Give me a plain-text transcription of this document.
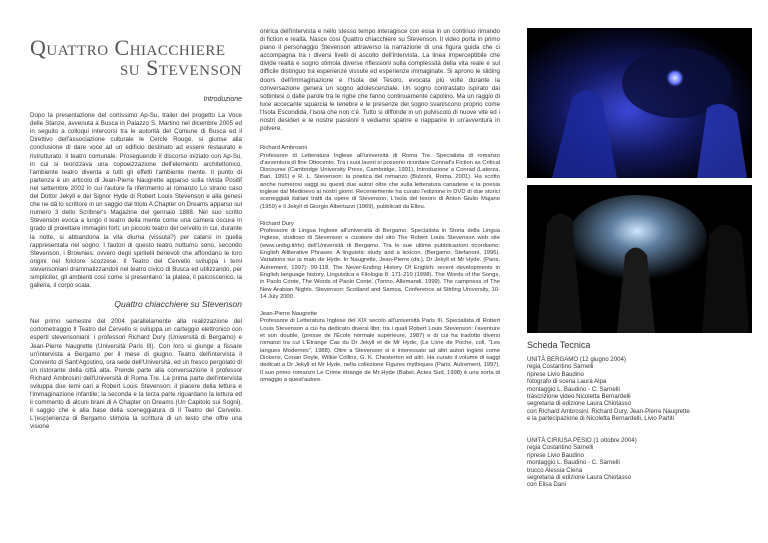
Quattro Chiacchiere
su Stevenson
Introduzione

Dopo la presentazione del cortissimo Ap-Su, trailer del progetto La Voce delle Stanze, avvenuta a Busca in Palazzo S. Martino nel dicembre 2005 ed in seguito a colloqui intercorsi tra le autorità del Comune di Busca ed il Direttivo dell'associazione culturale le Cercle Rouge, si giunse alla conclusione di dare voce ad un edificio destinato ad essere restaurato e ristrutturato: il teatro comunale. Proseguendo il discorso iniziato con Ap-Su, in cui si teorizzava una copoeizzazione dell'elemento architettonico, l'ambiente teatro diventa a tutti gli effetti l'ambiente mente. Il punto di partenza è un articolo di Jean-Pierre Naugrette apparso sulla rivista Positif nel settembre 2002 in cui l'autore fa riferimento al romanzo Lo strano caso del Dottor Jekyll e del Signor Hyde di Robert Louis Stevenson e alla genesi che ne dà lo scrittore in un saggio dal titolo A Chapter on Dreams apparso sul numero 3 dello Scribner's Magazine del gennaio 1888. Nel suo scritto Stevenson evoca a lungo il teatro della mente come una camera oscura in grado di proiettare immagini forti; un piccolo teatro del cervello in cui, durante la notte, si abbandona la vita diurna (vissuta?) per calarsi in quella rappresentata nel sogno. I fautori di questo teatro notturno sono, secondo Stevenson, i Brownies: ovvero degli spiritelli benevoli che affondano le loro origini nel folclore scozzese. Il Teatro del Cervello sviluppa i temi stevensoniani drammatizzandoli nel teatro civico di Busca ed utilizzando, per simpliciter, gli ambienti così come si presentano: la platea, il palcoscenico, la galleria, il corpo scala.

Quattro chiacchiere su Stevenson

Nel primo semestre del 2004 parallelamente alla realizzazione del cortometraggio Il Teatro del Cervello si sviluppa un carteggio elettronico con esperti stevensoniani: i professori Richard Dury (Università di Bergamo) e Jean-Pierre Naugrette (Università Paris III). Con loro si giunge a fissare un'intervista a Bergamo per il mese di giugno. Teatro dell'intervista il Convento di Sant'Agostino, ora sede dell'Università, ed un fresco pergolato di un ristorante della città alta. Prende parte alla conversazione il professor Richard Ambrosini dell'Università di Roma Tre. La prima parte dell'intervista sviluppa due temi cari a Robert Louis Stevenson: il piacere della lettura e l'immaginazione infantile; la seconda e la terza parte riguardano la lettura ed il commento di alcuni brani di A Chapter on Dreams (Un Capitolo sui Sogni), il saggio che è alla base della sceneggiatura di Il Teatro del Cervello. L'(esp)erienza di Bergamo stimola la scrittura di un testo che offre una visione

onirica dell'intervista e nello stesso tempo interagisce con essa in un continuo rimando di fiction e realtà. Nasce così Quattro chiacchiere su Stevenson. Il video porta in primo piano il personaggio Stevenson attraverso la narrazione di una figura guida che ci accompagna tra i diversi livelli di ascolto dell'intervista. La linea imperceptibile che divide realtà e sogno stimola diverse riflessioni sulla complessità della vita reale e sul difficile distinguo tra esperienze vissute ed esperienze immaginate. Si aprono le sliding doors dell'immaginazione e l'Isola del Tesoro, evocata più volte durante la conversazione genera un sogno adolescenziale. Un sogno contrastato ispirato dai sottintesi o dalle parole tra le righe che fanno continuamente capolino. Ma un raggio di luce accecante squarcia le tenebre e le presenze del sogno svaniscono proprio come l'Isola Escondida, l'isola che non c'è. Tutto si diffonde in un pulviscolo di nuove vite ed i nostri desideri e le nostre passioni li vediamo sparire e riapparire in un'avventura in polvere.

Richard Ambrosini
Professore di Letteratura Inglese all'università di Roma Tre. Specialista di romanzo d'avventura di fine Ottocento. Tra i suoi lavori si possono ricordare Conrad's Fiction as Critical Discourse (Cambridge University Press, Cambridge, 1991), Introduzione a Conrad (Laterza, Bari, 1991) e R. L. Stevenson: la poetica del romanzo (Bulzoni, Roma, 2001). Ha scritto anche numerosi saggi su questi due autori oltre che sulla letteratura canadese e la poesia inglese dal Medioevo ai nostri giorni. Recentemente ha curato l'edizione in DVD di due storici sceneggiati italiani tratti da opere di Stevenson, L'isola del tesoro di Anton Giulio Majano (1959) e il Jekyll di Giorgio Albertazzi (1969), pubblicati da Elleu.

Richard Dury
Professore di Lingua Inglese all'università di Bergamo. Specialista in Storia della Lingua Inglese, studioso di Stevenson e curatore del sito The Robert Louis Stevenson web site (www.unibg.it/rls) dell'Università di Bergamo. Tra le sue ultime pubblicazioni ricordiamo: English Alliterative Phrases. A linguistic study and a lexicon. (Bergamo, Stefanoni, 1996). Variations sur la main de Hyde. In Naugrette, Jean-Pierre (dir.), Dr Jekyll et Mr Hyde. (Paris, Autrement, 1997): 99-118. The Never-Ending History Of English: recent developments in English language history. Linguistica e Filologia 8: 171-210 (1998). The Words of the Songs, in Paolo Conte, The Words of Paolo Conte. (Torino, Allemandi, 1999). The campness of The New Arabian Nights. Stevenson: Scotland and Samoa, Conference at Stirling University, 10-14 July 2000.

Jean-Pierre Naugrette
Professore di Letteratura Inglese del XIX secolo all'università Paris III. Specialista di Robert Louis Stevenson a cui ha dedicato diversi libri: tra i quali Robert Louis Stevenson: l'aventure et son double, (presse de l'École normale supérieure, 1987) e di cui ha tradotto diversi romanzi tra cui L'Étrange Cas du Dr Jekyll et de Mr Hyde, (Le Livre de Poche, coll. "Les langues Modernes", 1988). Oltre a Stevenson si è interessato ad altri autori inglesi come Dickens, Conan Doyle, Wilkie Collins, G. K. Chesterton ed altri. Ha curato il volume di saggi dedicati a Dr Jekyll et Mr Hyde, nella collezione Figures mythiques (Paris, Autrement, 1997). Il suo primo romanzo Le Crime étrange de Mr Hyde (Babel, Actes Sud, 1998) è una sorta di omaggio a quest'autore.

Scheda Tecnica
UNITÀ BERGAMO (12 giugno 2004)
regia Costantino Sarnelli
riprese Livio Baudino
fotografo di scena Laura Alpa
montaggio L. Baudino - C. Sarnelli
trascrizione video Nicoletta Bernardelli
segretaria di edizione Laura Chiotasso
con Richard Ambrosini, Richard Dury, Jean-Pierre Naugrette
e la partecipazione di Nicoletta Bernardelli, Livio Partiti
UNITÀ CIRIUSA PESIO (1 ottobre 2004)
regia Costantino Sarnelli
riprese Livio Baudino
montaggio L. Baudino - C. Sarnelli
trucco Alessia Ciena
segretaria di edizione Laura Chiotasso
con Elisa Dani
